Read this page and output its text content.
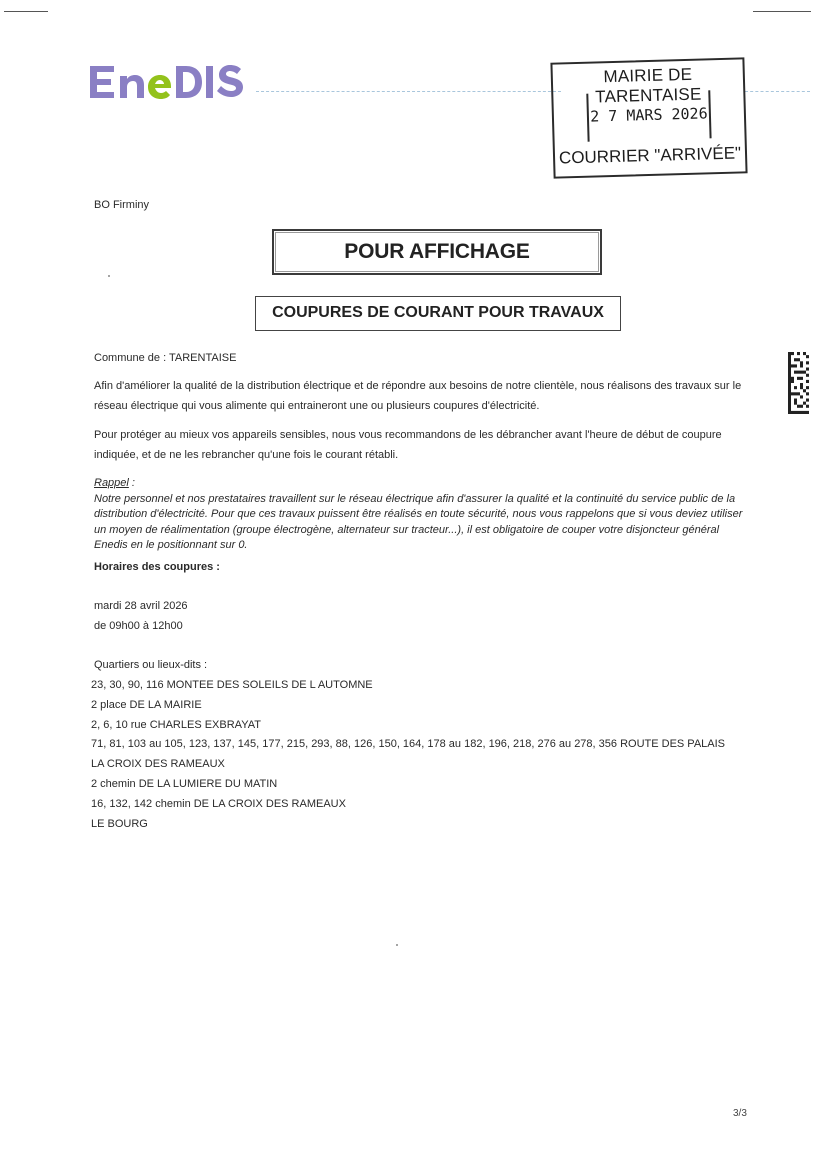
MAIRIE DE TARENTAISE
2 7 MARS 2026
COURRIER "ARRIVÉE"
BO Firminy
POUR AFFICHAGE
COUPURES DE COURANT POUR TRAVAUX
Commune de : TARENTAISE
Afin d'améliorer la qualité de la distribution électrique et de répondre aux besoins de notre clientèle, nous réalisons des travaux sur le réseau électrique qui vous alimente qui entraineront une ou plusieurs coupures d'électricité.
Pour protéger au mieux vos appareils sensibles, nous vous recommandons de les débrancher avant l'heure de début de coupure indiquée, et de ne les rebrancher qu'une fois le courant rétabli.
Rappel :
Notre personnel et nos prestataires travaillent sur le réseau électrique afin d'assurer la qualité et la continuité du service public de la distribution d'électricité. Pour que ces travaux puissent être réalisés en toute sécurité, nous vous rappelons que si vous deviez utiliser un moyen de réalimentation (groupe électrogène, alternateur sur tracteur...), il est obligatoire de couper votre disjoncteur général Enedis en le positionnant sur 0.
Horaires des coupures :
mardi 28 avril 2026
de 09h00 à 12h00
Quartiers ou lieux-dits :
23, 30, 90, 116 MONTEE DES SOLEILS DE L AUTOMNE
2 place DE LA MAIRIE
2, 6, 10 rue CHARLES EXBRAYAT
71, 81, 103 au 105, 123, 137, 145, 177, 215, 293, 88, 126, 150, 164, 178 au 182, 196, 218, 276 au 278, 356 ROUTE DES PALAIS
LA CROIX DES RAMEAUX
2 chemin DE LA LUMIERE DU MATIN
16, 132, 142 chemin DE LA CROIX DES RAMEAUX
LE BOURG
3/3
